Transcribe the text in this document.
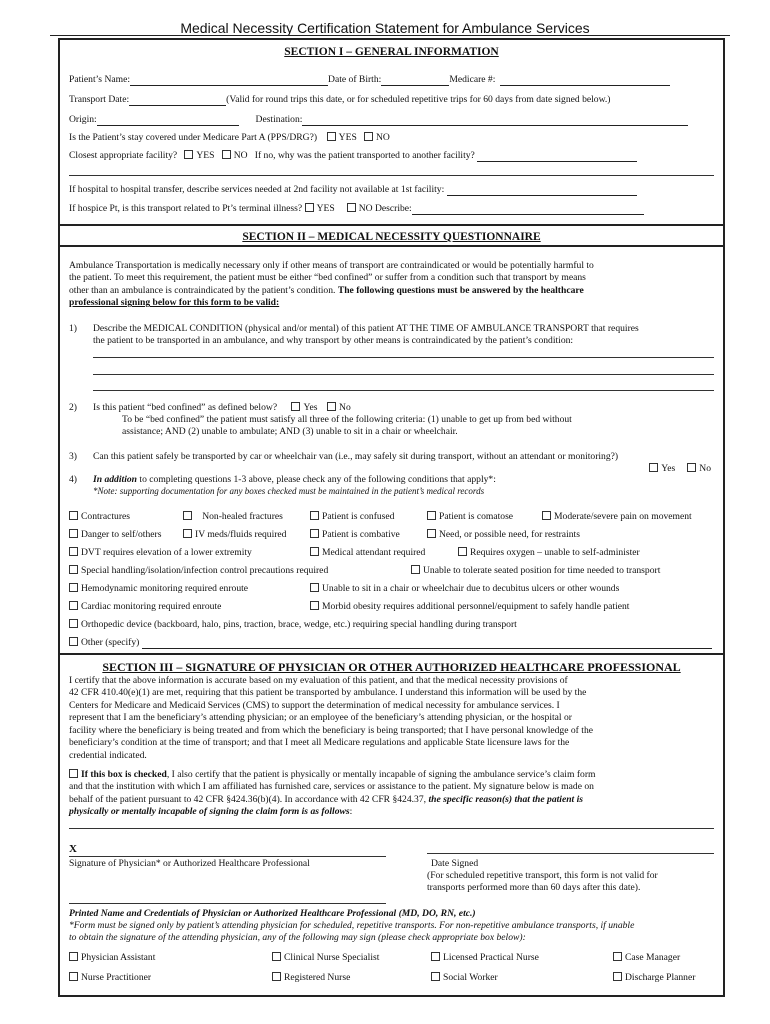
Medical Necessity Certification Statement for Ambulance Services
SECTION I – GENERAL INFORMATION
Patient’s Name:	Date of Birth:	Medicare #:
Transport Date:	(Valid for round trips this date, or for scheduled repetitive trips for 60 days from date signed below.)
Origin:	Destination:
Is the Patient’s stay covered under Medicare Part A (PPS/DRG?) YES NO
Closest appropriate facility? YES NO If no, why was the patient transported to another facility?
If hospital to hospital transfer, describe services needed at 2nd facility not available at 1st facility:
If hospice Pt, is this transport related to Pt’s terminal illness? YES	NO Describe:
SECTION II – MEDICAL NECESSITY QUESTIONNAIRE
Ambulance Transportation is medically necessary only if other means of transport are contraindicated or would be potentially harmful to
the patient. To meet this requirement, the patient must be either “bed confined” or suffer from a condition such that transport by means
other than an ambulance is contraindicated by the patient’s condition. The following questions must be answered by the healthcare
professional signing below for this form to be valid:
1) Describe the MEDICAL CONDITION (physical and/or mental) of this patient AT THE TIME OF AMBULANCE TRANSPORT that requires
the patient to be transported in an ambulance, and why transport by other means is contraindicated by the patient’s condition:
2) Is this patient “bed confined” as defined below?	Yes No
To be “bed confined” the patient must satisfy all three of the following criteria: (1) unable to get up from bed without
assistance; AND (2) unable to ambulate; AND (3) unable to sit in a chair or wheelchair.
3) Can this patient safely be transported by car or wheelchair van (i.e., may safely sit during transport, without an attendant or monitoring?)
Yes	No
4) In addition to completing questions 1-3 above, please check any of the following conditions that apply*:
*Note: supporting documentation for any boxes checked must be maintained in the patient’s medical records
Contractures	Non-healed fractures	Patient is confused	Patient is comatose	Moderate/severe pain on movement
Danger to self/others	IV meds/fluids required	Patient is combative	Need, or possible need, for restraints
DVT requires elevation of a lower extremity	Medical attendant required	Requires oxygen – unable to self-administer
Special handling/isolation/infection control precautions required	Unable to tolerate seated position for time needed to transport
Hemodynamic monitoring required enroute	Unable to sit in a chair or wheelchair due to decubitus ulcers or other wounds
Cardiac monitoring required enroute	Morbid obesity requires additional personnel/equipment to safely handle patient
Orthopedic device (backboard, halo, pins, traction, brace, wedge, etc.) requiring special handling during transport
Other (specify)
SECTION III – SIGNATURE OF PHYSICIAN OR OTHER AUTHORIZED HEALTHCARE PROFESSIONAL
I certify that the above information is accurate based on my evaluation of this patient, and that the medical necessity provisions of
42 CFR 410.40(e)(1) are met, requiring that this patient be transported by ambulance. I understand this information will be used by the
Centers for Medicare and Medicaid Services (CMS) to support the determination of medical necessity for ambulance services. I
represent that I am the beneficiary’s attending physician; or an employee of the beneficiary’s attending physician, or the hospital or
facility where the beneficiary is being treated and from which the beneficiary is being transported; that I have personal knowledge of the
beneficiary’s condition at the time of transport; and that I meet all Medicare regulations and applicable State licensure laws for the
credential indicated.
If this box is checked, I also certify that the patient is physically or mentally incapable of signing the ambulance service’s claim form
and that the institution with which I am affiliated has furnished care, services or assistance to the patient. My signature below is made on
behalf of the patient pursuant to 42 CFR §424.36(b)(4). In accordance with 42 CFR §424.37, the specific reason(s) that the patient is
physically or mentally incapable of signing the claim form is as follows:
X
Signature of Physician* or Authorized Healthcare Professional	Date Signed
(For scheduled repetitive transport, this form is not valid for
transports performed more than 60 days after this date).
Printed Name and Credentials of Physician or Authorized Healthcare Professional (MD, DO, RN, etc.)
*Form must be signed only by patient’s attending physician for scheduled, repetitive transports. For non-repetitive ambulance transports, if unable
to obtain the signature of the attending physician, any of the following may sign (please check appropriate box below):
Physician Assistant	Clinical Nurse Specialist	Licensed Practical Nurse	Case Manager
Nurse Practitioner	Registered Nurse	Social Worker	Discharge Planner
